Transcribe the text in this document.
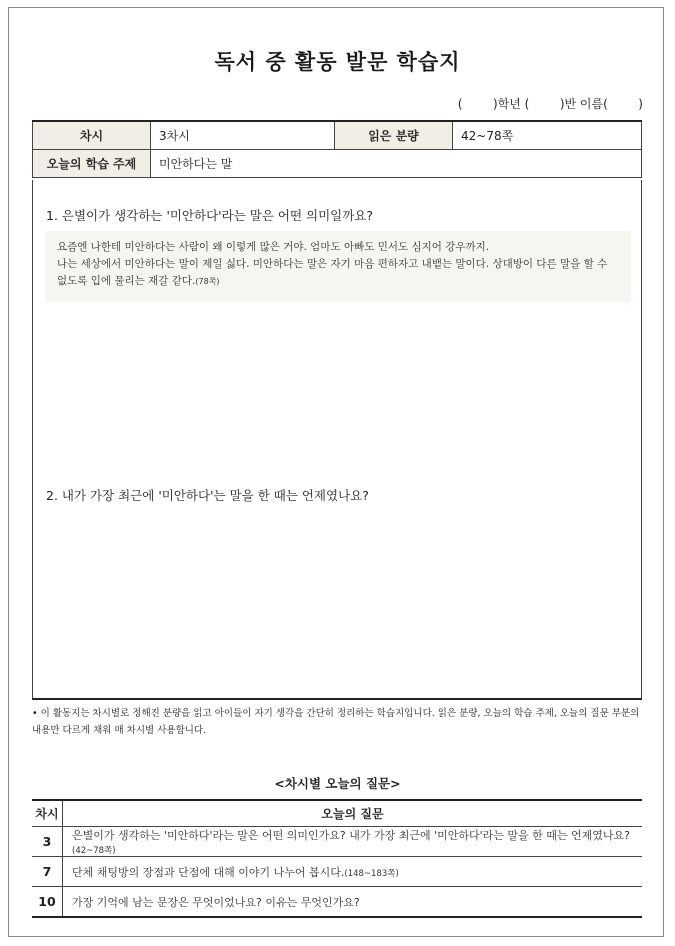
독서 중 활동 발문 학습지
(        )학년 (        )반 이름(        )
차시	3차시	읽은 분량	42~78쪽
오늘의 학습 주제	미안하다는 말		
1. 은별이가 생각하는 '미안하다'라는 말은 어떤 의미일까요?
요즘엔 나한테 미안하다는 사람이 왜 이렇게 많은 거야. 엄마도 아빠도 민서도 심지어 강우까지.
나는 세상에서 미안하다는 말이 제일 싫다. 미안하다는 말은 자기 마음 편하자고 내뱉는 말이다. 상대방이 다른 말을 할 수 없도록 입에 물리는 재갈 같다.(78쪽)
2. 내가 가장 최근에 '미안하다'는 말을 한 때는 언제였나요?
• 이 활동지는 차시별로 정해진 분량을 읽고 아이들이 자기 생각을 간단히 정리하는 학습지입니다. 읽은 분량, 오늘의 학습 주제, 오늘의 질문 부분의 내용만 다르게 채워 매 차시별 사용합니다.
<차시별 오늘의 질문>
차시	오늘의 질문
3	은별이가 생각하는 '미안하다'라는 말은 어떤 의미인가요? 내가 가장 최근에 '미안하다'라는 말을 한 때는 언제였나요?(42~78쪽)
7	단체 채팅방의 장점과 단점에 대해 이야기 나누어 봅시다.(148~183쪽)
10	가장 기억에 남는 문장은 무엇이었나요? 이유는 무엇인가요?
